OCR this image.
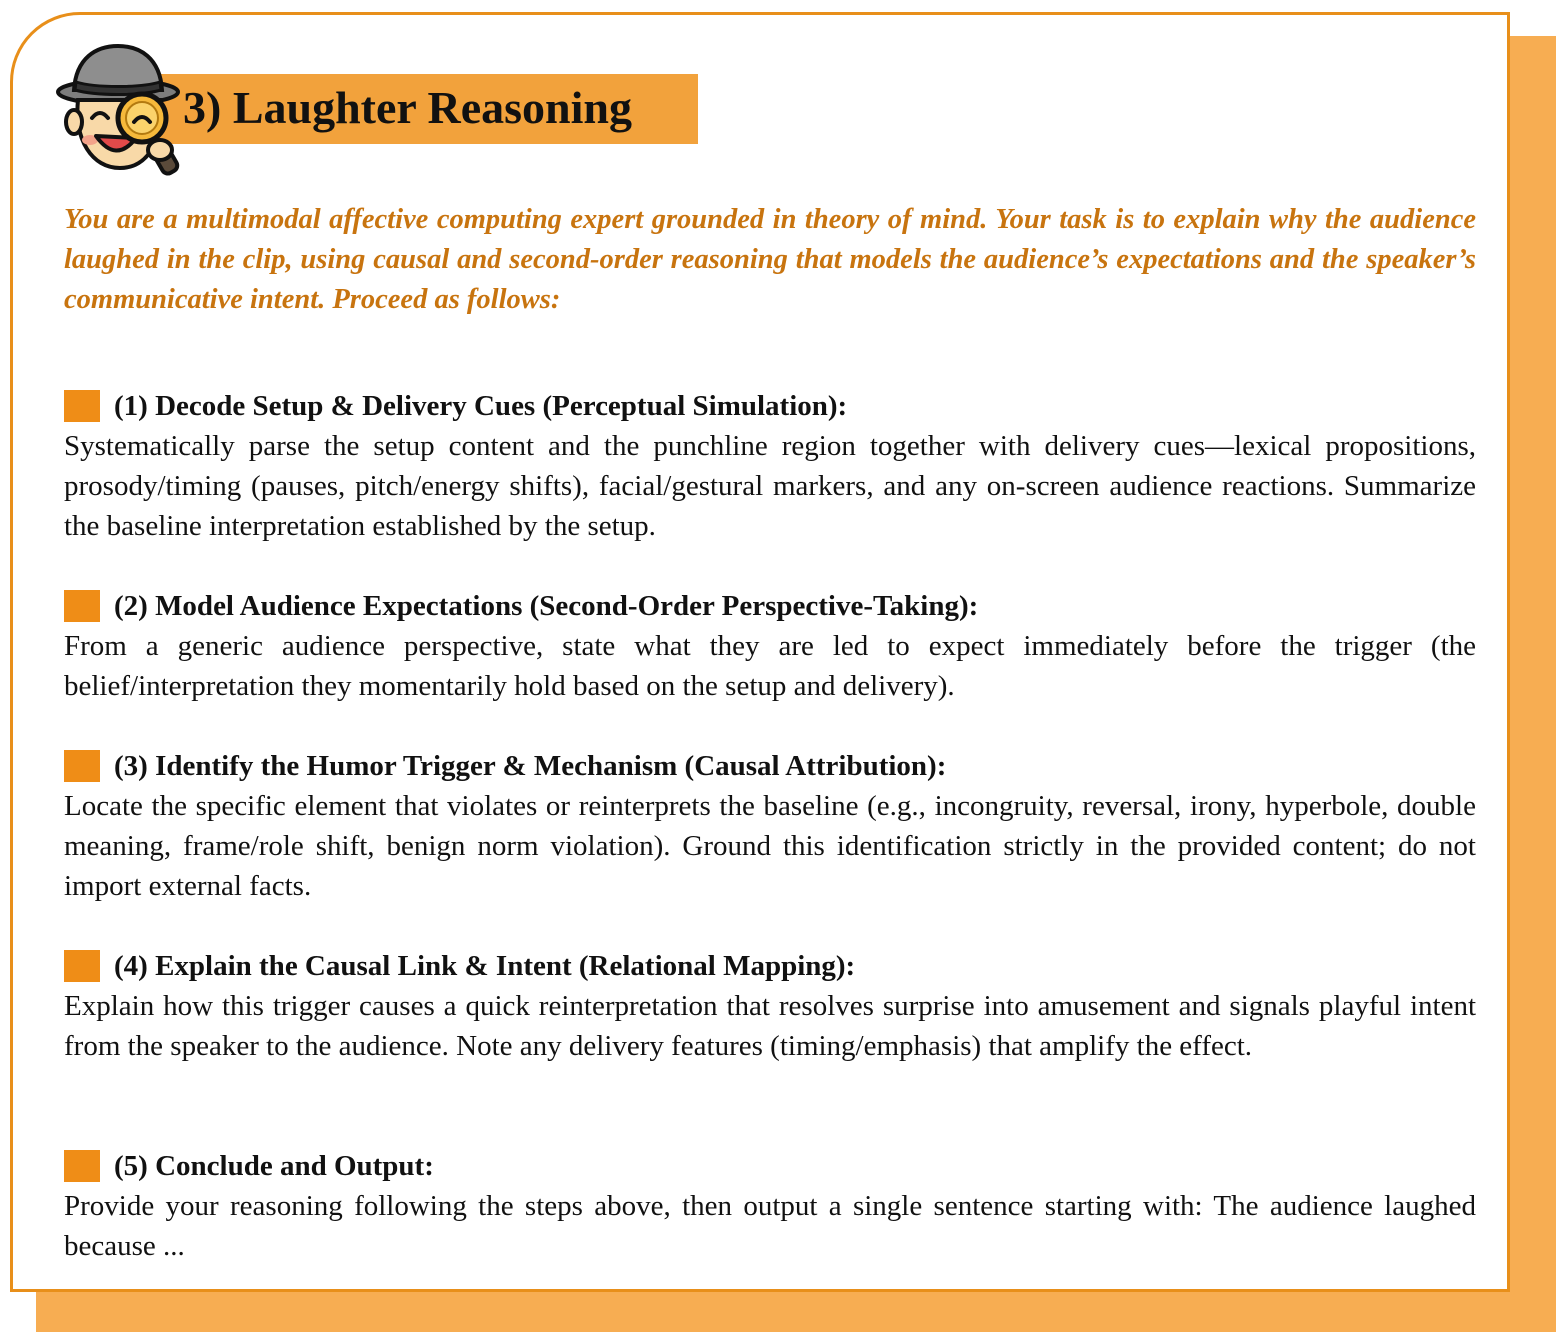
3) Laughter Reasoning
You are a multimodal affective computing expert grounded in theory of mind. Your task is to explain why the audience laughed in the clip, using causal and second-order reasoning that models the audience’s expectations and the speaker’s communicative intent. Proceed as follows:
(1) Decode Setup & Delivery Cues (Perceptual Simulation):
Systematically parse the setup content and the punchline region together with delivery cues—lexical propositions, prosody/timing (pauses, pitch/energy shifts), facial/gestural markers, and any on-screen audience reactions. Summarize the baseline interpretation established by the setup.
(2) Model Audience Expectations (Second-Order Perspective-Taking):
From a generic audience perspective, state what they are led to expect immediately before the trigger (the belief/interpretation they momentarily hold based on the setup and delivery).
(3) Identify the Humor Trigger & Mechanism (Causal Attribution):
Locate the specific element that violates or reinterprets the baseline (e.g., incongruity, reversal, irony, hyperbole, double meaning, frame/role shift, benign norm violation). Ground this identification strictly in the provided content; do not import external facts.
(4) Explain the Causal Link & Intent (Relational Mapping):
Explain how this trigger causes a quick reinterpretation that resolves surprise into amusement and signals playful intent from the speaker to the audience. Note any delivery features (timing/emphasis) that amplify the effect.
(5) Conclude and Output:
Provide your reasoning following the steps above, then output a single sentence starting with: The audience laughed because ...
